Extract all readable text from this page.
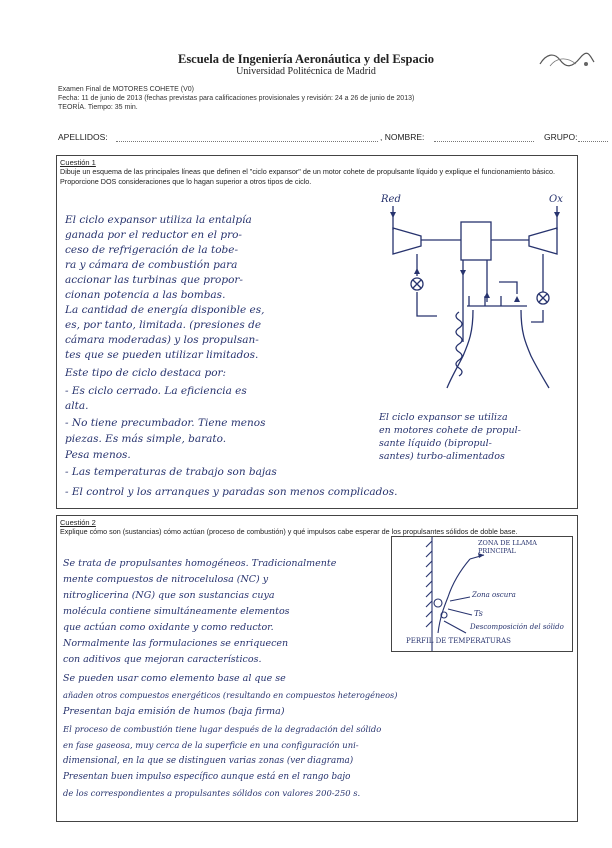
Escuela de Ingeniería Aeronáutica y del Espacio
Universidad Politécnica de Madrid
Examen Final de MOTORES COHETE (V0)
Fecha: 11 de junio de 2013 (fechas previstas para calificaciones provisionales y revisión: 24 a 26 de junio de 2013)
TEORÍA. Tiempo: 35 min.
APELLIDOS:	, NOMBRE:	GRUPO:
Cuestión 1
Dibuje un esquema de las principales líneas que definen el "ciclo expansor" de un motor cohete de propulsante líquido y explique el funcionamiento básico. Proporcione DOS consideraciones que lo hagan superior a otros tipos de ciclo.
El ciclo expansor utiliza la entalpía
ganada por el reductor en el pro-
ceso de refrigeración de la tobe-
ra y cámara de combustión para
accionar las turbinas que propor-
cionan potencia a las bombas.
La cantidad de energía disponible es,
es, por tanto, limitada. (presiones de
cámara moderadas) y los propulsan-
tes que se pueden utilizar limitados.
Este tipo de ciclo destaca por:
- Es ciclo cerrado. La eficiencia es
alta.
- No tiene precumbador. Tiene menos
piezas. Es más simple, barato.
Pesa menos.
- Las temperaturas de trabajo son bajas
- El control y los arranques y paradas son menos complicados.
Red	Ox
El ciclo expansor se utiliza
en motores cohete de propul-
sante líquido (bipropul-
santes) turbo-alimentados
Cuestión 2
Explique cómo son (sustancias) cómo actúan (proceso de combustión) y qué impulsos cabe esperar de los propulsantes sólidos de doble base.
Se trata de propulsantes homogéneos. Tradicionalmente
mente compuestos de nitrocelulosa (NC) y
nitroglicerina (NG) que son sustancias cuya
molécula contiene simultáneamente elementos
que actúan como oxidante y como reductor.
Normalmente las formulaciones se enriquecen
con aditivos que mejoran característicos.
Se pueden usar como elemento base al que se
añaden otros compuestos energéticos (resultando en compuestos heterogéneos)
Presentan baja emisión de humos (baja firma)
El proceso de combustión tiene lugar después de la degradación del sólido
en fase gaseosa, muy cerca de la superficie en una configuración uni-
dimensional, en la que se distinguen varias zonas (ver diagrama)
Presentan buen impulso específico aunque está en el rango bajo
de los correspondientes a propulsantes sólidos con valores 200-250 s.
ZONA DE LLAMA PRINCIPAL
Zona oscura
Ts
Descomposición del sólido
PERFIL DE TEMPERATURAS
